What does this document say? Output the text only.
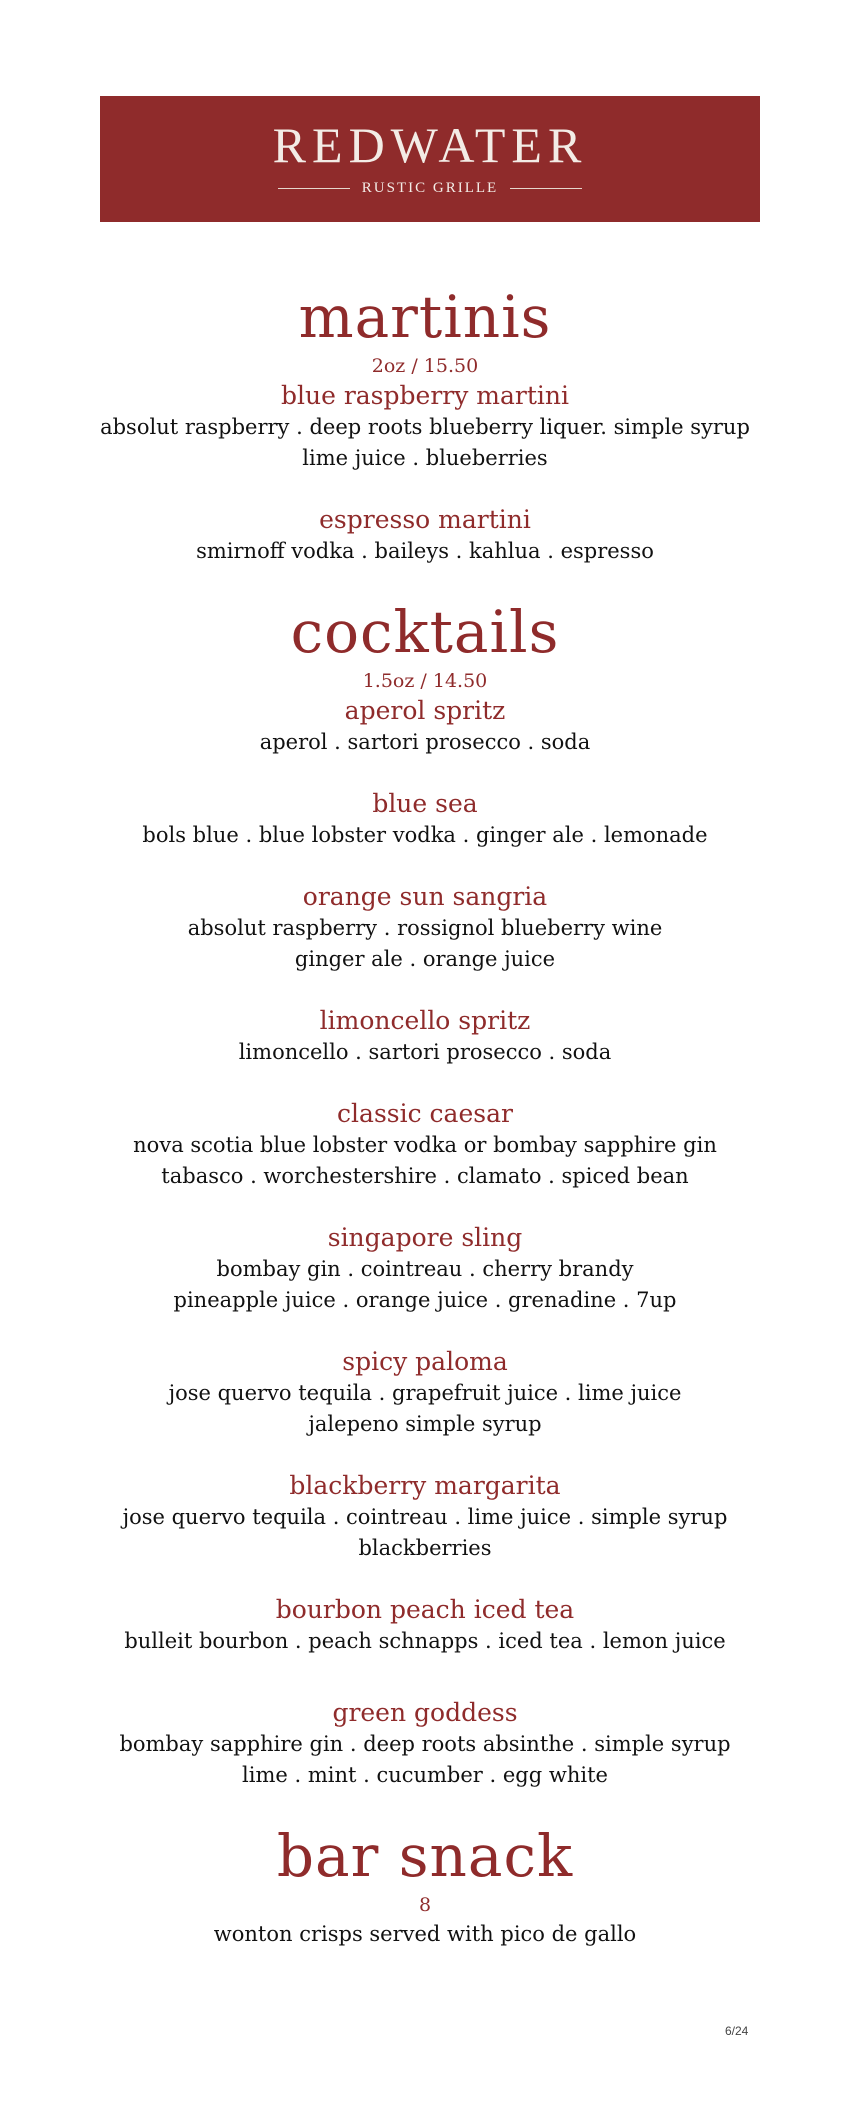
REDWATER
RUSTIC GRILLE
martinis
2oz / 15.50
blue raspberry martini
absolut raspberry . deep roots blueberry liquer. simple syrup
lime juice . blueberries
espresso martini
smirnoff vodka . baileys . kahlua . espresso
cocktails
1.5oz / 14.50
aperol spritz
aperol . sartori prosecco . soda
blue sea
bols blue . blue lobster vodka . ginger ale . lemonade
orange sun sangria
absolut raspberry . rossignol blueberry wine
ginger ale . orange juice
limoncello spritz
limoncello . sartori prosecco . soda
classic caesar
nova scotia blue lobster vodka or bombay sapphire gin
tabasco . worchestershire . clamato . spiced bean
singapore sling
bombay gin . cointreau . cherry brandy
pineapple juice . orange juice . grenadine . 7up
spicy paloma
jose quervo tequila . grapefruit juice . lime juice
jalepeno simple syrup
blackberry margarita
jose quervo tequila . cointreau . lime juice . simple syrup
blackberries
bourbon peach iced tea
bulleit bourbon . peach schnapps . iced tea . lemon juice
green goddess
bombay sapphire gin . deep roots absinthe . simple syrup
lime . mint . cucumber . egg white
bar snack
8
wonton crisps served with pico de gallo
6/24
